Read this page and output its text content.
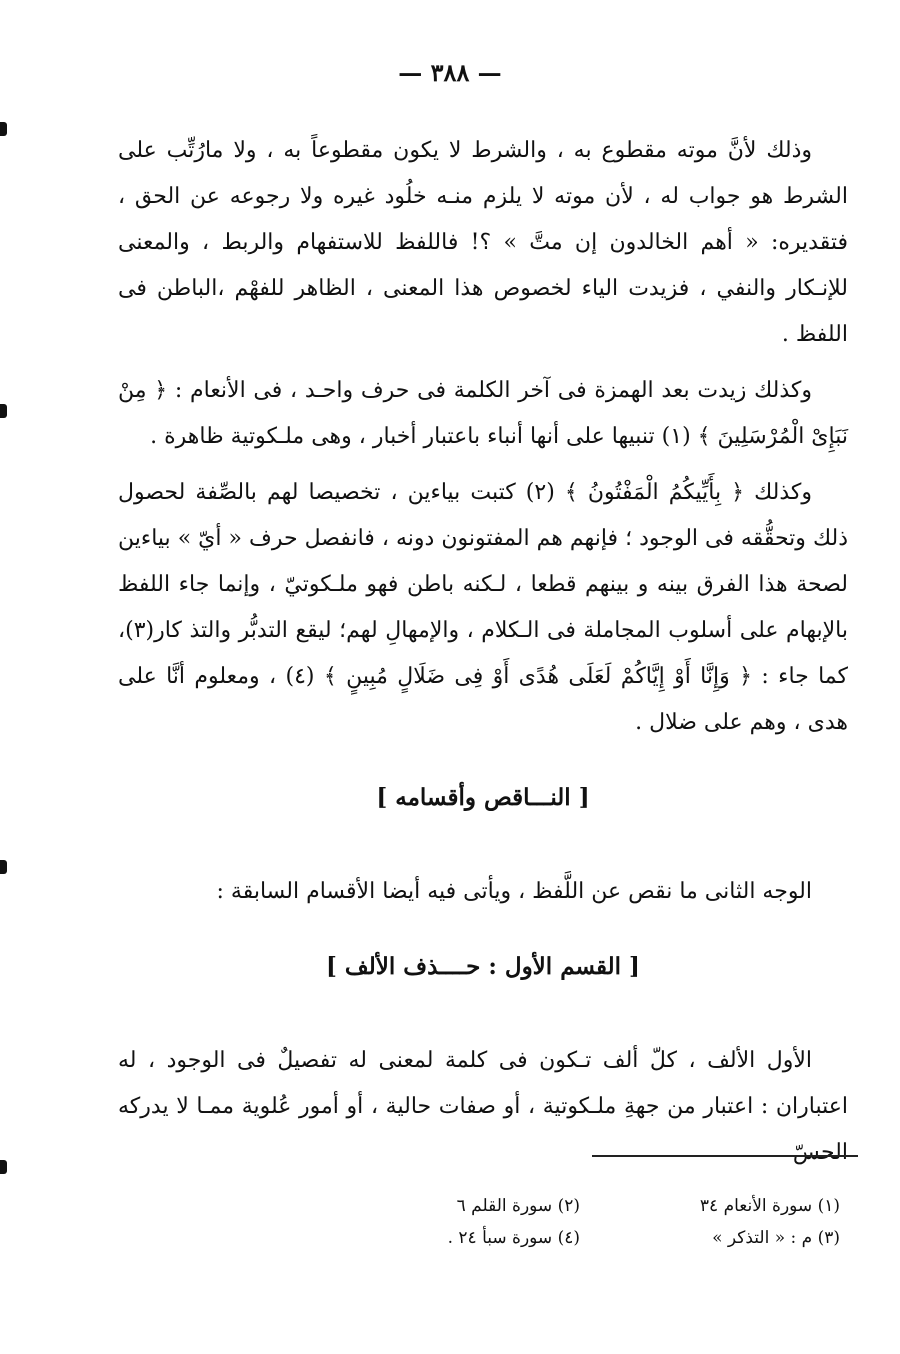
— ٣٨٨ —

وذلك لأنَّ موته مقطوع به ، والشرط لا يكون مقطوعاً به ، ولا مارُتِّب على الشرط هو جواب له ، لأن موته لا يلزم منـه خلُود غيره ولا رجوعه عن الحق ، فتقديره: « أهم الخالدون إن متَّ » ؟! فاللفظ للاستفهام والربط ، والمعنى للإنـكار والنفي ، فزيدت الياء لخصوص هذا المعنى ، الظاهر للفهْم ،الباطن فى اللفظ .

وكذلك زيدت بعد الهمزة فى آخر الكلمة فى حرف واحـد ، فى الأنعام : ﴿ مِنْ نَبَإِىْ الْمُرْسَلِينَ ﴾ (١) تنبيها على أنها أنباء باعتبار أخبار ، وهى ملـكوتية ظاهرة .

وكذلك ﴿ بِأَيِّيكُمُ الْمَفْتُونُ ﴾ (٢) كتبت بياءين ، تخصيصا لهم بالصِّفة لحصول ذلك وتحقُّقه فى الوجود ؛ فإنهم هم المفتونون دونه ، فانفصل حرف « أيّ » بياءين لصحة هذا الفرق بينه و بينهم قطعا ، لـكنه باطن فهو ملـكوتيّ ، وإنما جاء اللفظ بالإبهام على أسلوب المجاملة فى الـكلام ، والإمهالِ لهم؛ ليقع التدبُّر والتذ كار(٣)، كما جاء : ﴿ وَإِنَّا أَوْ إِيَّاكُمْ لَعَلَى هُدًى أَوْ فِى ضَلَالٍ مُبِينٍ ﴾ (٤) ، ومعلوم أنَّا على هدى ، وهم على ضلال .

[ النـــاقص وأقسامه ]

الوجه الثانى ما نقص عن اللَّفظ ، ويأتى فيه أيضا الأقسام السابقة :

[ القسم الأول : حــــذف الألف ]

الأول الألف ، كلّ ألف تـكون فى كلمة لمعنى له تفصيلٌ فى الوجود ، له اعتباران : اعتبار من جهةِ ملـكوتية ، أو صفات حالية ، أو أمور عُلوية ممـا لا يدركه الحسّ

(١) سورة الأنعام ٣٤
(٢) سورة القلم ٦
(٣) م : « التذكر »
(٤) سورة سبأ ٢٤ .
